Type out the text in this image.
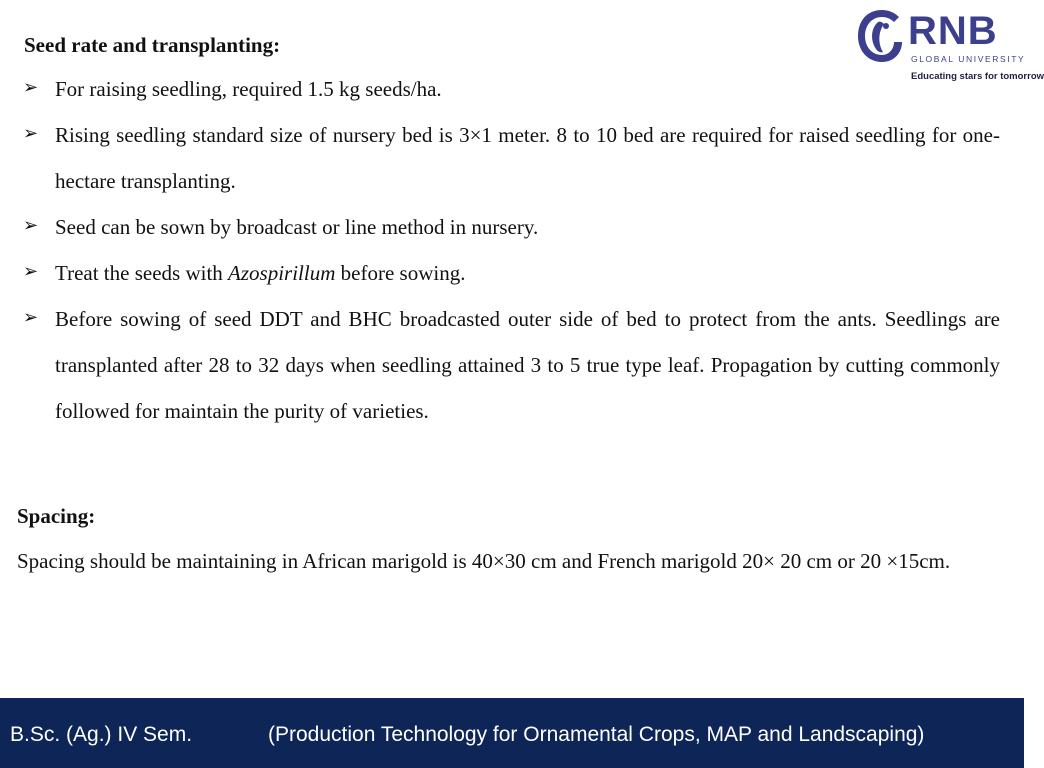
RNB
GLOBAL UNIVERSITY
Educating stars for tomorrow
Seed rate and transplanting:
➢ For raising seedling, required 1.5 kg seeds/ha.
➢ Rising seedling standard size of nursery bed is 3×1 meter. 8 to 10 bed are required for raised seedling for one-hectare transplanting.
➢ Seed can be sown by broadcast or line method in nursery.
➢ Treat the seeds with Azospirillum before sowing.
➢ Before sowing of seed DDT and BHC broadcasted outer side of bed to protect from the ants. Seedlings are transplanted after 28 to 32 days when seedling attained 3 to 5 true type leaf. Propagation by cutting commonly followed for maintain the purity of varieties.
Spacing:
Spacing should be maintaining in African marigold is 40×30 cm and French marigold 20× 20 cm or 20 ×15cm.
B.Sc. (Ag.) IV Sem.	(Production Technology for Ornamental Crops, MAP and Landscaping)
